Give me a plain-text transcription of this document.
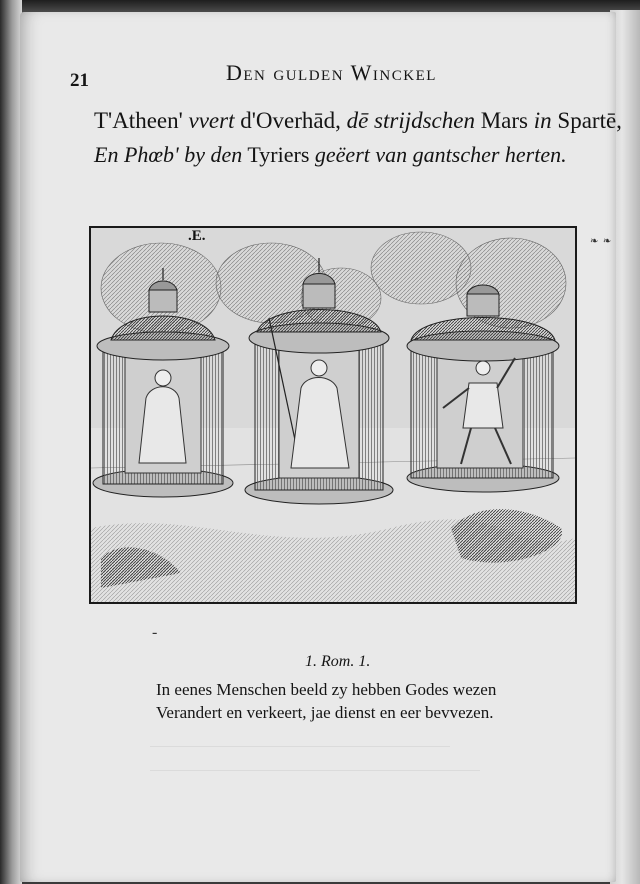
21	Den gulden Winckel
T'Atheen' vvert d'Overhād, dē strijdschen Mars in Spartē,
En Phœb' by den Tyriers geëert van gantscher herten.
.E.	❧ ❧
-
1. Rom. 1.
In eenes Menschen beeld zy hebben Godes wezen
Verandert en verkeert, jae dienst en eer bevvezen.
